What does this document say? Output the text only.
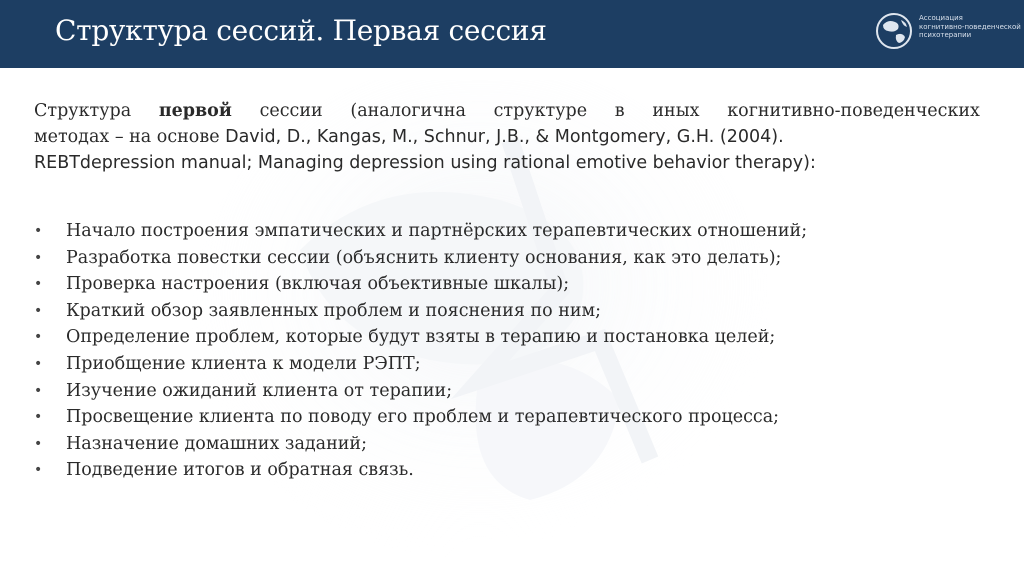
Структура сессий. Первая сессия	Ассоциация
когнитивно-поведенческой
психотерапии
Структура первой сессии (аналогична структуре в иных когнитивно-поведенческих
методах – на основе David, D., Kangas, M., Schnur, J.B., & Montgomery, G.H. (2004).
REBTdepression manual; Managing depression using rational emotive behavior therapy):
• Начало построения эмпатических и партнёрских терапевтических отношений;
• Разработка повестки сессии (объяснить клиенту основания, как это делать);
• Проверка настроения (включая объективные шкалы);
• Краткий обзор заявленных проблем и пояснения по ним;
• Определение проблем, которые будут взяты в терапию и постановка целей;
• Приобщение клиента к модели РЭПТ;
• Изучение ожиданий клиента от терапии;
• Просвещение клиента по поводу его проблем и терапевтического процесса;
• Назначение домашних заданий;
• Подведение итогов и обратная связь.
